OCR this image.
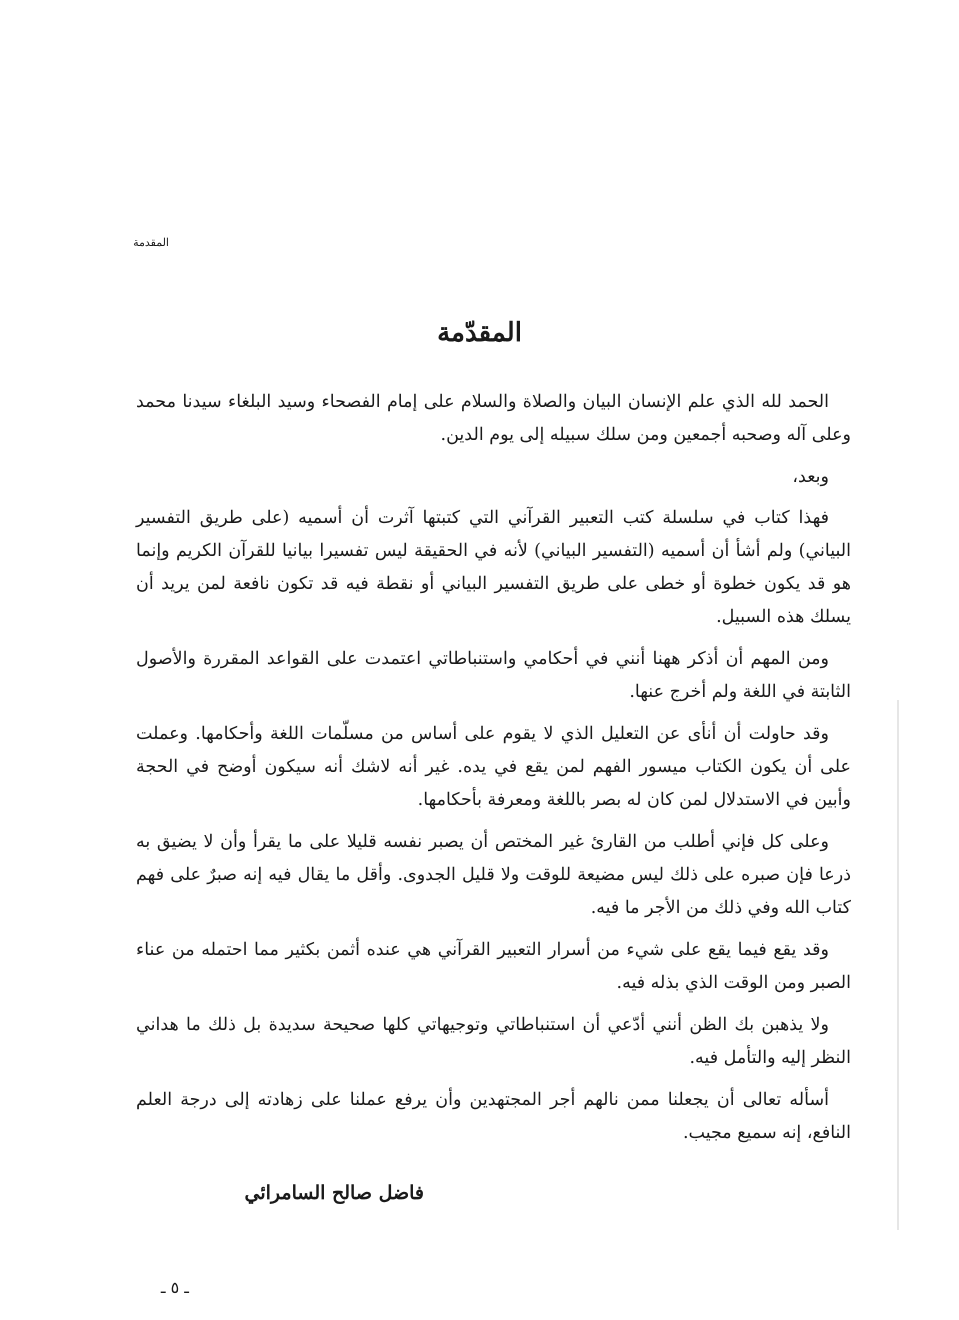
المقدمة
المقدّمة

الحمد لله الذي علم الإنسان البيان والصلاة والسلام على إمام الفصحاء وسيد البلغاء سيدنا محمد وعلى آله وصحبه أجمعين ومن سلك سبيله إلى يوم الدين.

وبعد،

فهذا كتاب في سلسلة كتب التعبير القرآني التي كتبتها آثرت أن أسميه (على طريق التفسير البياني) ولم أشأ أن أسميه (التفسير البياني) لأنه في الحقيقة ليس تفسيرا بيانيا للقرآن الكريم وإنما هو قد يكون خطوة أو خطى على طريق التفسير البياني أو نقطة فيه قد تكون نافعة لمن يريد أن يسلك هذه السبيل.

ومن المهم أن أذكر ههنا أنني في أحكامي واستنباطاتي اعتمدت على القواعد المقررة والأصول الثابتة في اللغة ولم أخرج عنها.

وقد حاولت أن أنأى عن التعليل الذي لا يقوم على أساس من مسلّمات اللغة وأحكامها. وعملت على أن يكون الكتاب ميسور الفهم لمن يقع في يده. غير أنه لاشك أنه سيكون أوضح في الحجة وأبين في الاستدلال لمن كان له بصر باللغة ومعرفة بأحكامها.

وعلى كل فإني أطلب من القارئ غير المختص أن يصبر نفسه قليلا على ما يقرأ وأن لا يضيق به ذرعا فإن صبره على ذلك ليس مضيعة للوقت ولا قليل الجدوى. وأقل ما يقال فيه إنه صبرٌ على فهم كتاب الله وفي ذلك من الأجر ما فيه.

وقد يقع فيما يقع على شيء من أسرار التعبير القرآني هي عنده أثمن بكثير مما احتمله من عناء الصبر ومن الوقت الذي بذله فيه.

ولا يذهبن بك الظن أنني أدّعي أن استنباطاتي وتوجيهاتي كلها صحيحة سديدة بل ذلك ما هداني النظر إليه والتأمل فيه.

أسأله تعالى أن يجعلنا ممن نالهم أجر المجتهدين وأن يرفع عملنا على زهادته إلى درجة العلم النافع، إنه سميع مجيب.

فاضل صالح السامرائي
ـ ٥ ـ
